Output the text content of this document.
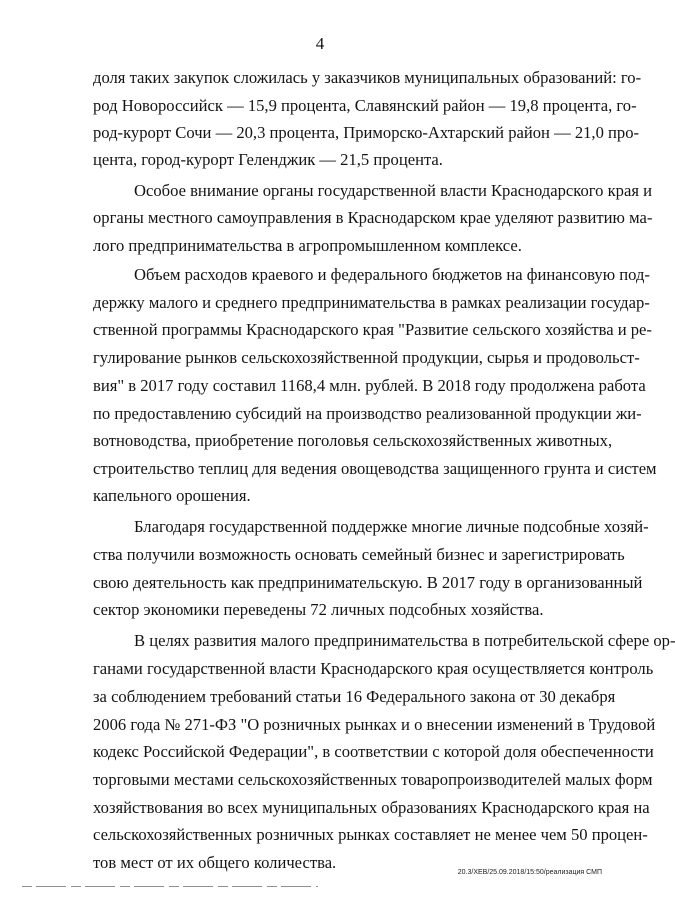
4
доля таких закупок сложилась у заказчиков муниципальных образований: го-
род Новороссийск — 15,9 процента, Славянский район — 19,8 процента, го-
род-курорт Сочи — 20,3 процента, Приморско-Ахтарский район — 21,0 про-
цента, город-курорт Геленджик — 21,5 процента.
Особое внимание органы государственной власти Краснодарского края и
органы местного самоуправления в Краснодарском крае уделяют развитию ма-
лого предпринимательства в агропромышленном комплексе.
Объем расходов краевого и федерального бюджетов на финансовую под-
держку малого и среднего предпринимательства в рамках реализации государ-
ственной программы Краснодарского края "Развитие сельского хозяйства и ре-
гулирование рынков сельскохозяйственной продукции, сырья и продовольст-
вия" в 2017 году составил 1168,4 млн. рублей. В 2018 году продолжена работа
по предоставлению субсидий на производство реализованной продукции жи-
вотноводства, приобретение поголовья сельскохозяйственных животных,
строительство теплиц для ведения овощеводства защищенного грунта и систем
капельного орошения.
Благодаря государственной поддержке многие личные подсобные хозяй-
ства получили возможность основать семейный бизнес и зарегистрировать
свою деятельность как предпринимательскую. В 2017 году в организованный
сектор экономики переведены 72 личных подсобных хозяйства.
В целях развития малого предпринимательства в потребительской сфере ор-
ганами государственной власти Краснодарского края осуществляется контроль
за соблюдением требований статьи 16 Федерального закона от 30 декабря
2006 года № 271-ФЗ "О розничных рынках и о внесении изменений в Трудовой
кодекс Российской Федерации", в соответствии с которой доля обеспеченности
торговыми местами сельскохозяйственных товаропроизводителей малых форм
хозяйствования во всех муниципальных образованиях Краснодарского края на
сельскохозяйственных розничных рынках составляет не менее чем 50 процен-
тов мест от их общего количества.
20.3/ХЕВ/25.09.2018/15:50/реализация СМП
